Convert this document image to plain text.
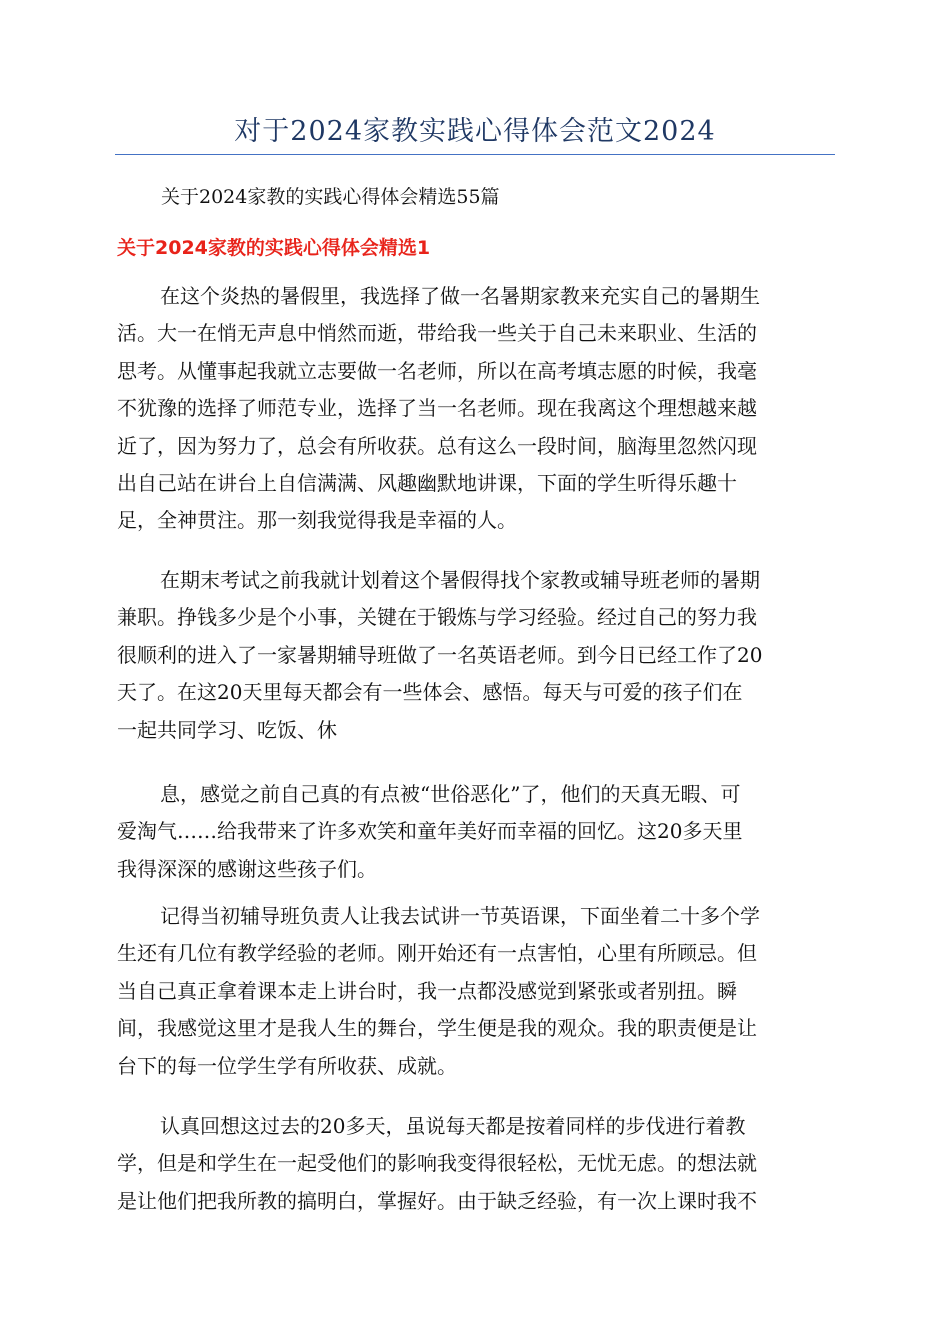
对于2024家教实践心得体会范文2024

关于2024家教的实践心得体会精选55篇

关于2024家教的实践心得体会精选1
在这个炎热的暑假里，我选择了做一名暑期家教来充实自己的暑期生
活。大一在悄无声息中悄然而逝，带给我一些关于自己未来职业、生活的
思考。从懂事起我就立志要做一名老师，所以在高考填志愿的时候，我毫
不犹豫的选择了师范专业，选择了当一名老师。现在我离这个理想越来越
近了，因为努力了，总会有所收获。总有这么一段时间，脑海里忽然闪现
出自己站在讲台上自信满满、风趣幽默地讲课，下面的学生听得乐趣十
足，全神贯注。那一刻我觉得我是幸福的人。
在期末考试之前我就计划着这个暑假得找个家教或辅导班老师的暑期
兼职。挣钱多少是个小事，关键在于锻炼与学习经验。经过自己的努力我
很顺利的进入了一家暑期辅导班做了一名英语老师。到今日已经工作了20
天了。在这20天里每天都会有一些体会、感悟。每天与可爱的孩子们在
一起共同学习、吃饭、休
息，感觉之前自己真的有点被“世俗恶化”了，他们的天真无暇、可
爱淘气……给我带来了许多欢笑和童年美好而幸福的回忆。这20多天里
我得深深的感谢这些孩子们。
记得当初辅导班负责人让我去试讲一节英语课，下面坐着二十多个学
生还有几位有教学经验的老师。刚开始还有一点害怕，心里有所顾忌。但
当自己真正拿着课本走上讲台时，我一点都没感觉到紧张或者别扭。瞬
间，我感觉这里才是我人生的舞台，学生便是我的观众。我的职责便是让
台下的每一位学生学有所收获、成就。
认真回想这过去的20多天，虽说每天都是按着同样的步伐进行着教
学，但是和学生在一起受他们的影响我变得很轻松，无忧无虑。的想法就
是让他们把我所教的搞明白，掌握好。由于缺乏经验，有一次上课时我不
